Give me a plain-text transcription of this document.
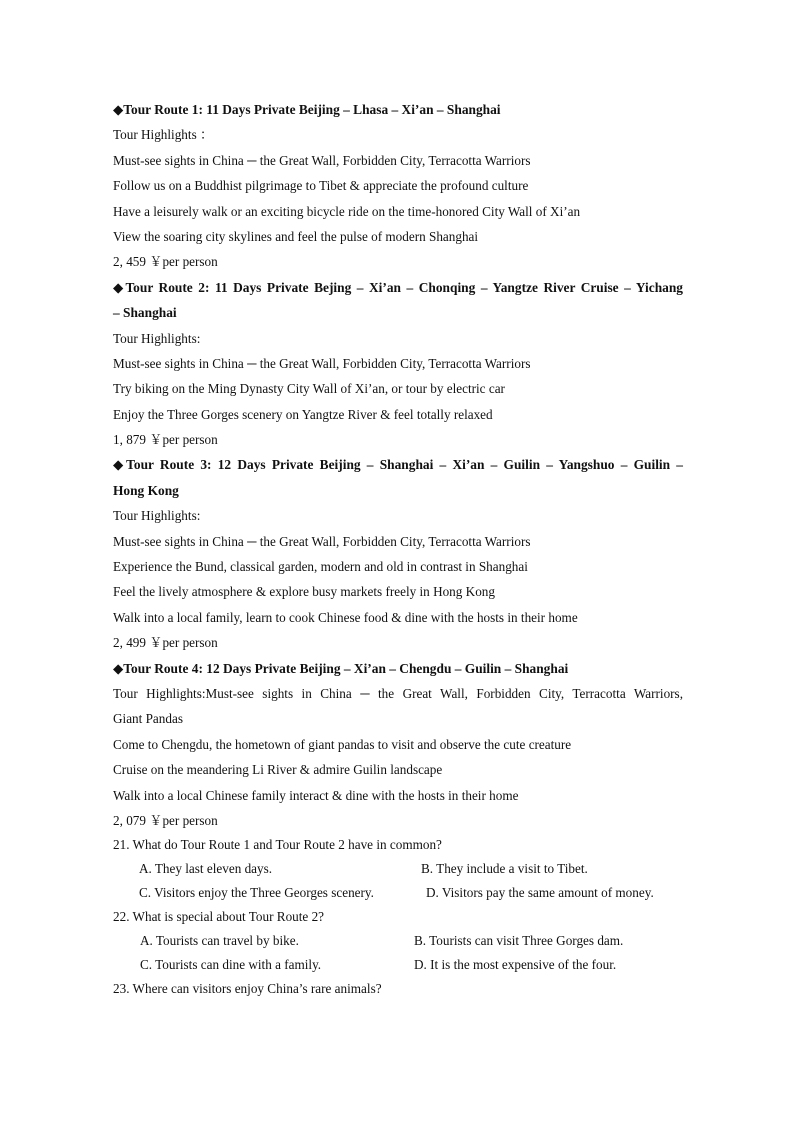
◆Tour Route 1: 11 Days Private Beijing – Lhasa – Xi’an – Shanghai
Tour Highlights ：
Must-see sights in China ─ the Great Wall, Forbidden City, Terracotta Warriors
Follow us on a Buddhist pilgrimage to Tibet & appreciate the profound culture
Have a leisurely walk or an exciting bicycle ride on the time-honored City Wall of Xi’an
View the soaring city skylines and feel the pulse of modern Shanghai
2, 459 ￥per person
◆Tour Route 2: 11 Days Private Bejing – Xi’an – Chonqing – Yangtze River Cruise – Yichang
– Shanghai
Tour Highlights:
Must-see sights in China ─ the Great Wall, Forbidden City, Terracotta Warriors
Try biking on the Ming Dynasty City Wall of Xi’an, or tour by electric car
Enjoy the Three Gorges scenery on Yangtze River & feel totally relaxed
1, 879 ￥per person
◆Tour Route 3: 12 Days Private Beijing – Shanghai – Xi’an – Guilin – Yangshuo – Guilin –
Hong Kong
Tour Highlights:
Must-see sights in China ─ the Great Wall, Forbidden City, Terracotta Warriors
Experience the Bund, classical garden, modern and old in contrast in Shanghai
Feel the lively atmosphere & explore busy markets freely in Hong Kong
Walk into a local family, learn to cook Chinese food & dine with the hosts in their home
2, 499 ￥per person
◆Tour Route 4: 12 Days Private Beijing – Xi’an – Chengdu – Guilin – Shanghai
Tour Highlights:Must-see sights in China ─ the Great Wall, Forbidden City, Terracotta Warriors,
Giant Pandas
Come to Chengdu, the hometown of giant pandas to visit and observe the cute creature
Cruise on the meandering Li River & admire Guilin landscape
Walk into a local Chinese family interact & dine with the hosts in their home
2, 079 ￥per person
21. What do Tour Route 1 and Tour Route 2 have in common?
A. They last eleven days.	B. They include a visit to Tibet.
C. Visitors enjoy the Three Georges scenery.	D. Visitors pay the same amount of money.
22. What is special about Tour Route 2?
A. Tourists can travel by bike.	B. Tourists can visit Three Gorges dam.
C. Tourists can dine with a family.	D. It is the most expensive of the four.
23. Where can visitors enjoy China’s rare animals?
